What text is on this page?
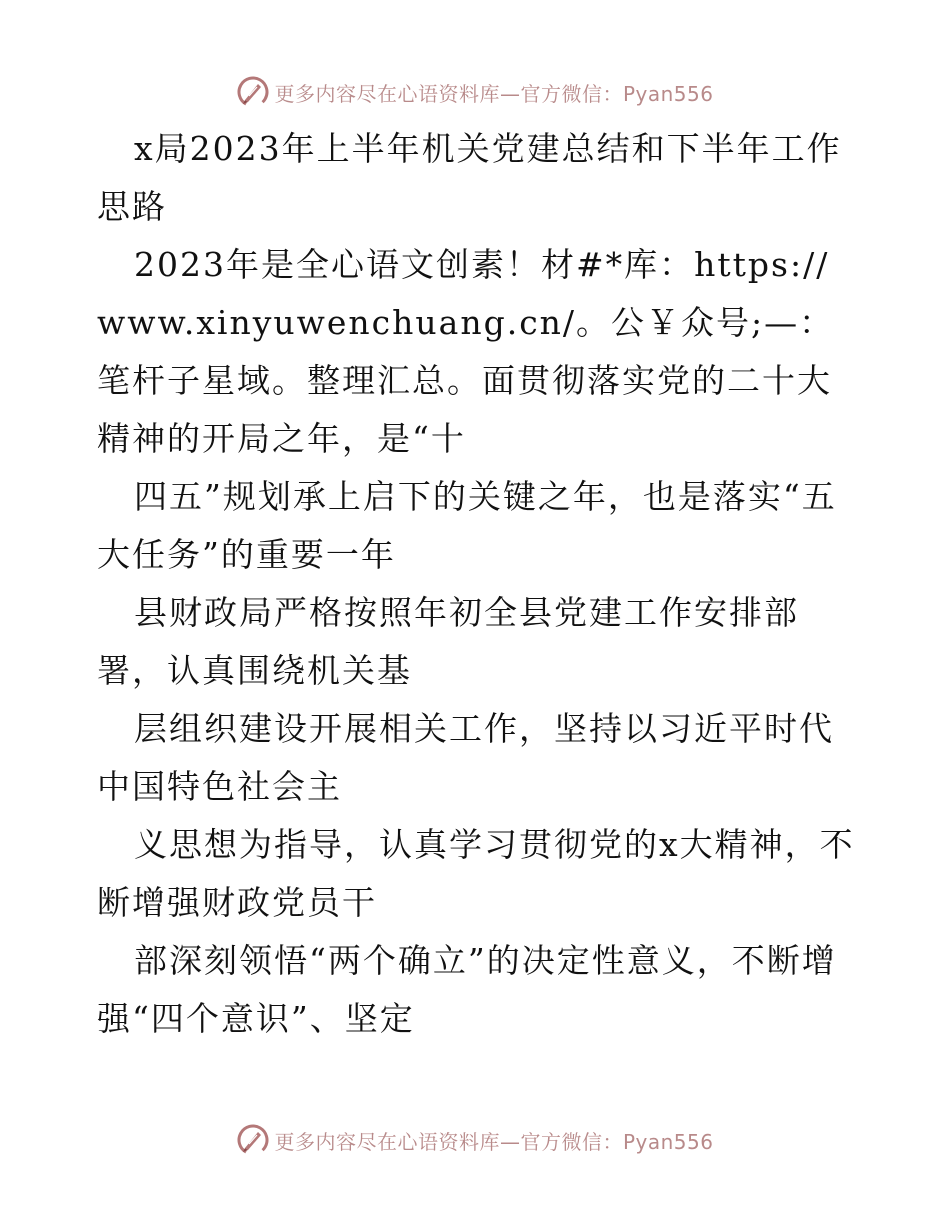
更多内容尽在心语资料库—官方微信：Pyan556

x局2023年上半年机关党建总结和下半年工作思路

2023年是全心语文创素！材#*库：https://www.xinyuwenchuang.cn/。公￥众号;—：笔杆子星域。整理汇总。面贯彻落实党的二十大精神的开局之年，是“十

四五”规划承上启下的关键之年，也是落实“五大任务”的重要一年

县财政局严格按照年初全县党建工作安排部署，认真围绕机关基

层组织建设开展相关工作，坚持以习近平时代中国特色社会主

义思想为指导，认真学习贯彻党的x大精神，不断增强财政党员干

部深刻领悟“两个确立”的决定性意义，不断增强“四个意识”、坚定

更多内容尽在心语资料库—官方微信：Pyan556
